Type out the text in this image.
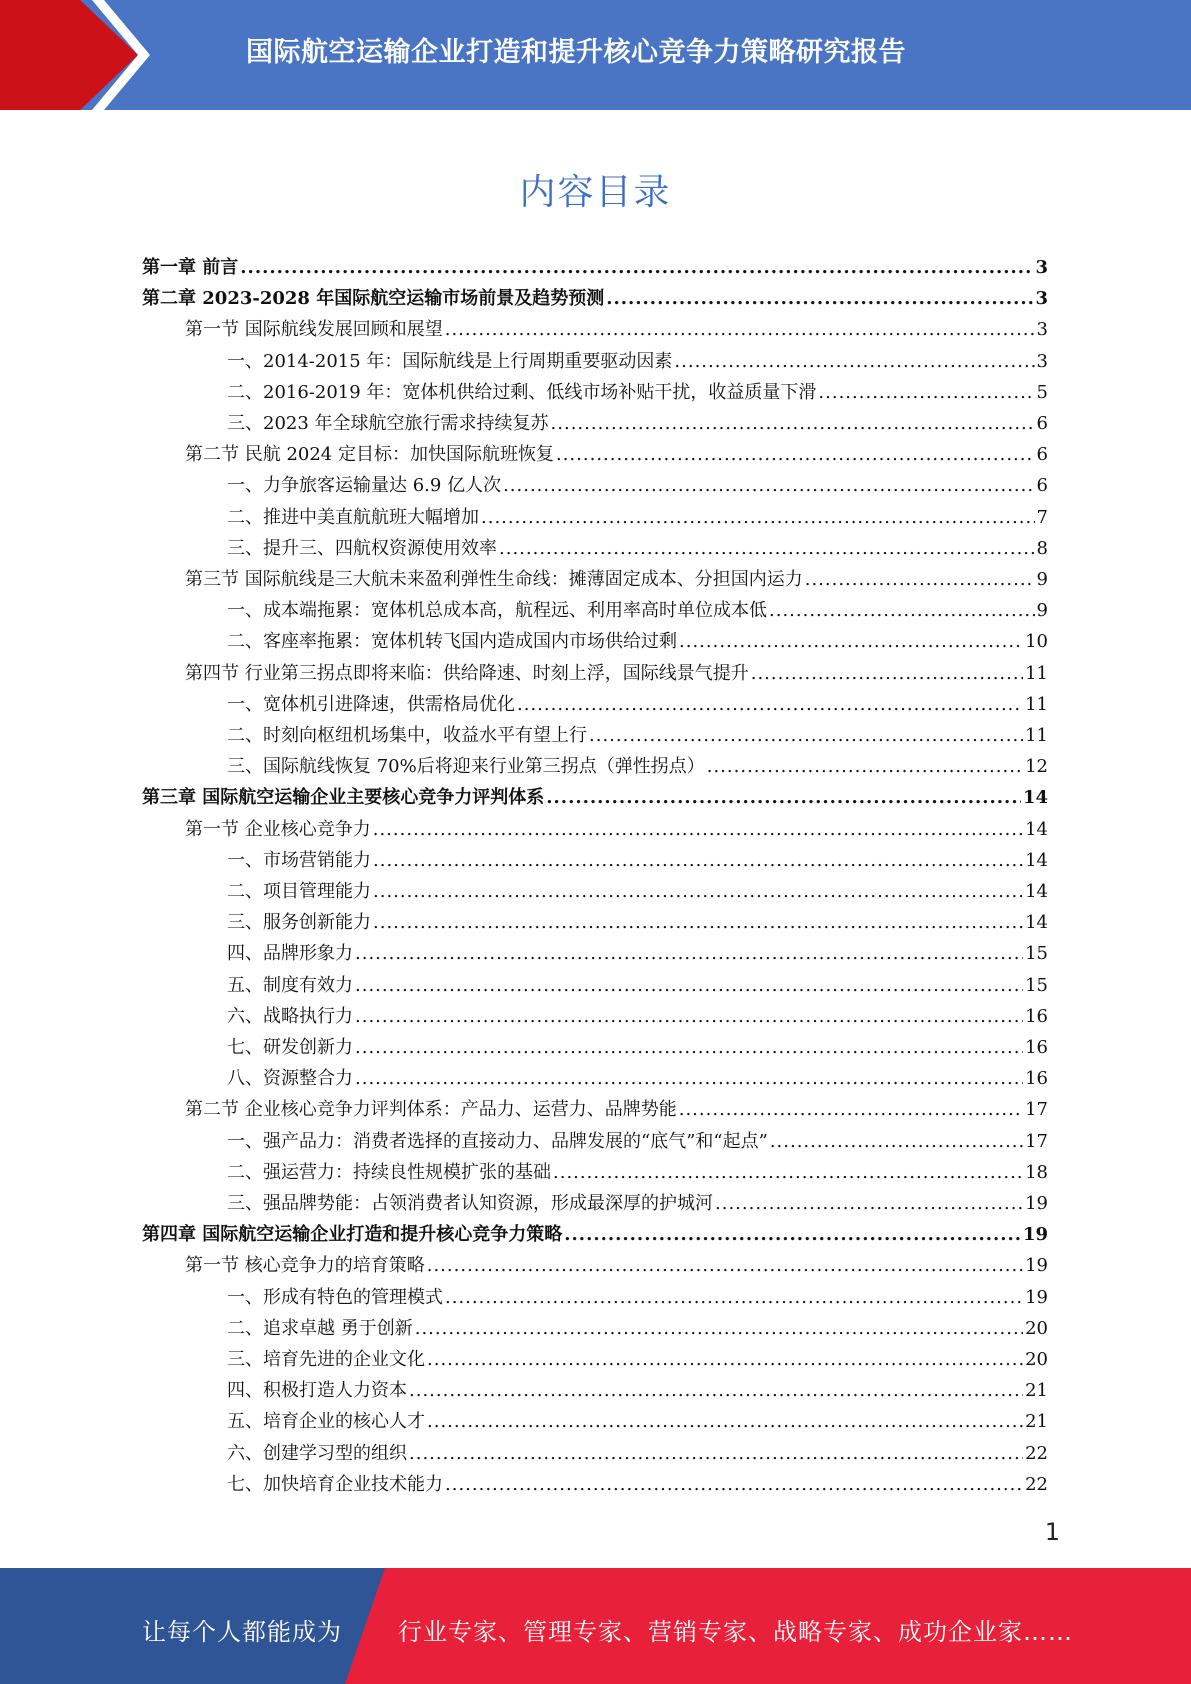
国际航空运输企业打造和提升核心竞争力策略研究报告
内容目录
第一章 前言 .....	3
第二章 2023-2028 年国际航空运输市场前景及趋势预测 .....	3
第一节 国际航线发展回顾和展望 .....	3
一、2014-2015 年：国际航线是上行周期重要驱动因素 .....	3
二、2016-2019 年：宽体机供给过剩、低线市场补贴干扰，收益质量下滑 .....	5
三、2023 年全球航空旅行需求持续复苏 .....	6
第二节 民航 2024 定目标：加快国际航班恢复 .....	6
一、力争旅客运输量达 6.9 亿人次 .....	6
二、推进中美直航航班大幅增加 .....	7
三、提升三、四航权资源使用效率 .....	8
第三节 国际航线是三大航未来盈利弹性生命线：摊薄固定成本、分担国内运力 .....	9
一、成本端拖累：宽体机总成本高，航程远、利用率高时单位成本低 .....	9
二、客座率拖累：宽体机转飞国内造成国内市场供给过剩 .....	10
第四节 行业第三拐点即将来临：供给降速、时刻上浮，国际线景气提升 .....	11
一、宽体机引进降速，供需格局优化 .....	11
二、时刻向枢纽机场集中，收益水平有望上行 .....	11
三、国际航线恢复 70%后将迎来行业第三拐点（弹性拐点） .....	12
第三章 国际航空运输企业主要核心竞争力评判体系 .....	14
第一节 企业核心竞争力 .....	14
一、市场营销能力 .....	14
二、项目管理能力 .....	14
三、服务创新能力 .....	14
四、品牌形象力 .....	15
五、制度有效力 .....	15
六、战略执行力 .....	16
七、研发创新力 .....	16
八、资源整合力 .....	16
第二节 企业核心竞争力评判体系：产品力、运营力、品牌势能 .....	17
一、强产品力：消费者选择的直接动力、品牌发展的“底气”和“起点” .....	17
二、强运营力：持续良性规模扩张的基础 .....	18
三、强品牌势能：占领消费者认知资源，形成最深厚的护城河 .....	19
第四章 国际航空运输企业打造和提升核心竞争力策略 .....	19
第一节 核心竞争力的培育策略 .....	19
一、形成有特色的管理模式 .....	19
二、追求卓越 勇于创新 .....	20
三、培育先进的企业文化 .....	20
四、积极打造人力资本 .....	21
五、培育企业的核心人才 .....	21
六、创建学习型的组织 .....	22
七、加快培育企业技术能力 .....	22
1
让每个人都能成为 行业专家、管理专家、营销专家、战略专家、成功企业家……
